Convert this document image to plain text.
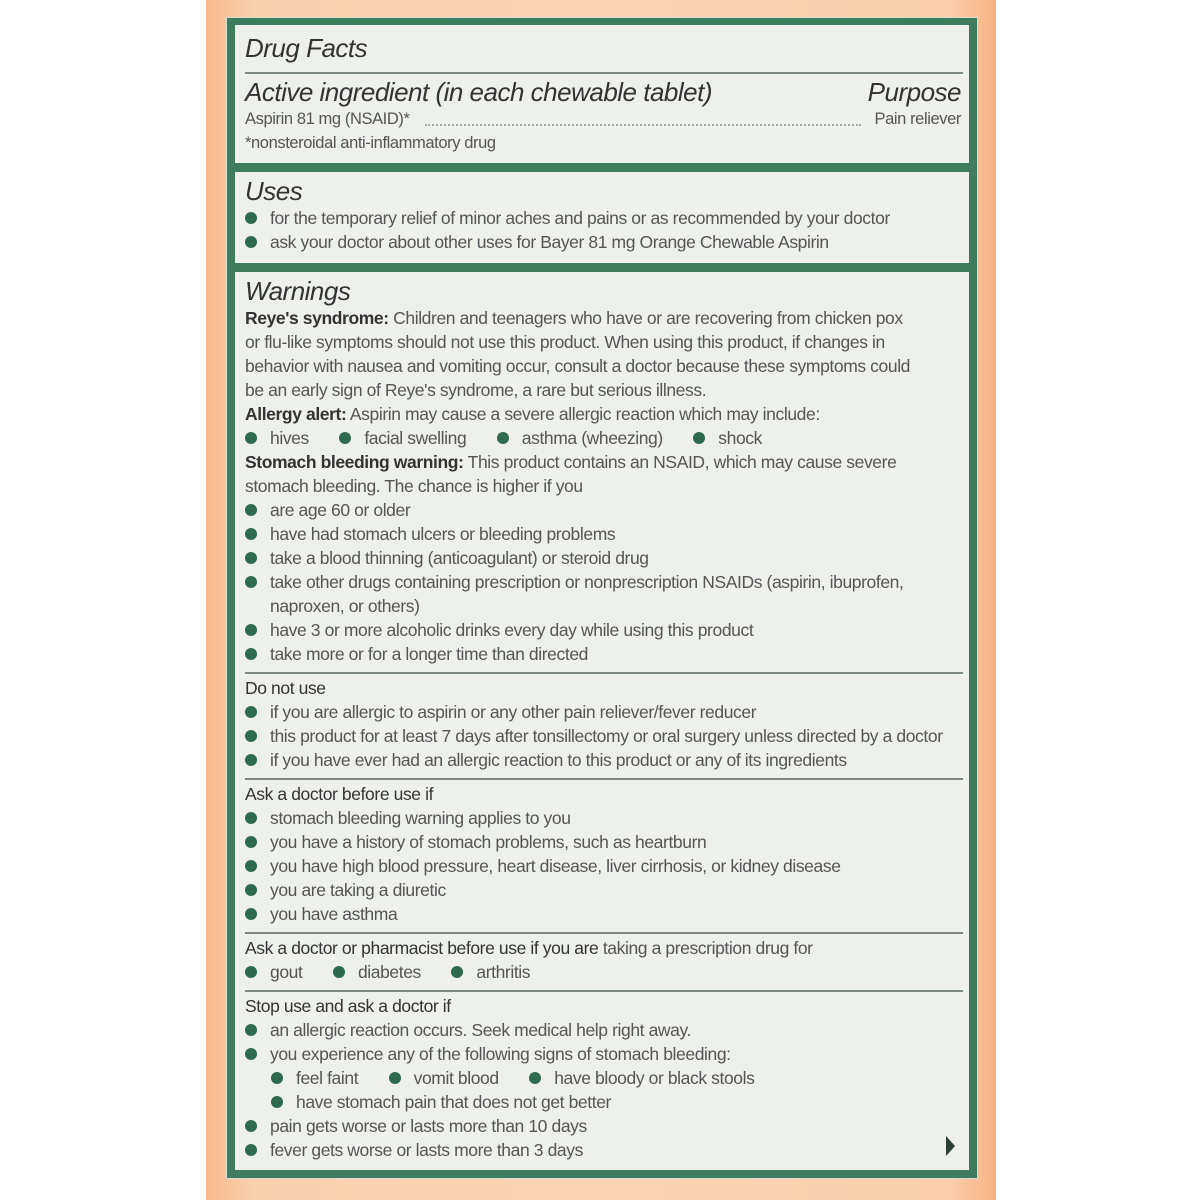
Drug Facts
Active ingredient (in each chewable tablet)	Purpose
Aspirin 81 mg (NSAID)*	Pain reliever
*nonsteroidal anti-inflammatory drug
Uses
for the temporary relief of minor aches and pains or as recommended by your doctor
ask your doctor about other uses for Bayer 81 mg Orange Chewable Aspirin
Warnings
Reye's syndrome: Children and teenagers who have or are recovering from chicken pox
or flu-like symptoms should not use this product. When using this product, if changes in
behavior with nausea and vomiting occur, consult a doctor because these symptoms could
be an early sign of Reye's syndrome, a rare but serious illness.
Allergy alert: Aspirin may cause a severe allergic reaction which may include:
hives	facial swelling	asthma (wheezing)	shock
Stomach bleeding warning: This product contains an NSAID, which may cause severe
stomach bleeding. The chance is higher if you
are age 60 or older
have had stomach ulcers or bleeding problems
take a blood thinning (anticoagulant) or steroid drug
take other drugs containing prescription or nonprescription NSAIDs (aspirin, ibuprofen,
naproxen, or others)
have 3 or more alcoholic drinks every day while using this product
take more or for a longer time than directed
Do not use
if you are allergic to aspirin or any other pain reliever/fever reducer
this product for at least 7 days after tonsillectomy or oral surgery unless directed by a doctor
if you have ever had an allergic reaction to this product or any of its ingredients
Ask a doctor before use if
stomach bleeding warning applies to you
you have a history of stomach problems, such as heartburn
you have high blood pressure, heart disease, liver cirrhosis, or kidney disease
you are taking a diuretic
you have asthma
Ask a doctor or pharmacist before use if you are taking a prescription drug for
gout	diabetes	arthritis
Stop use and ask a doctor if
an allergic reaction occurs. Seek medical help right away.
you experience any of the following signs of stomach bleeding:
feel faint	vomit blood	have bloody or black stools
have stomach pain that does not get better
pain gets worse or lasts more than 10 days
fever gets worse or lasts more than 3 days
